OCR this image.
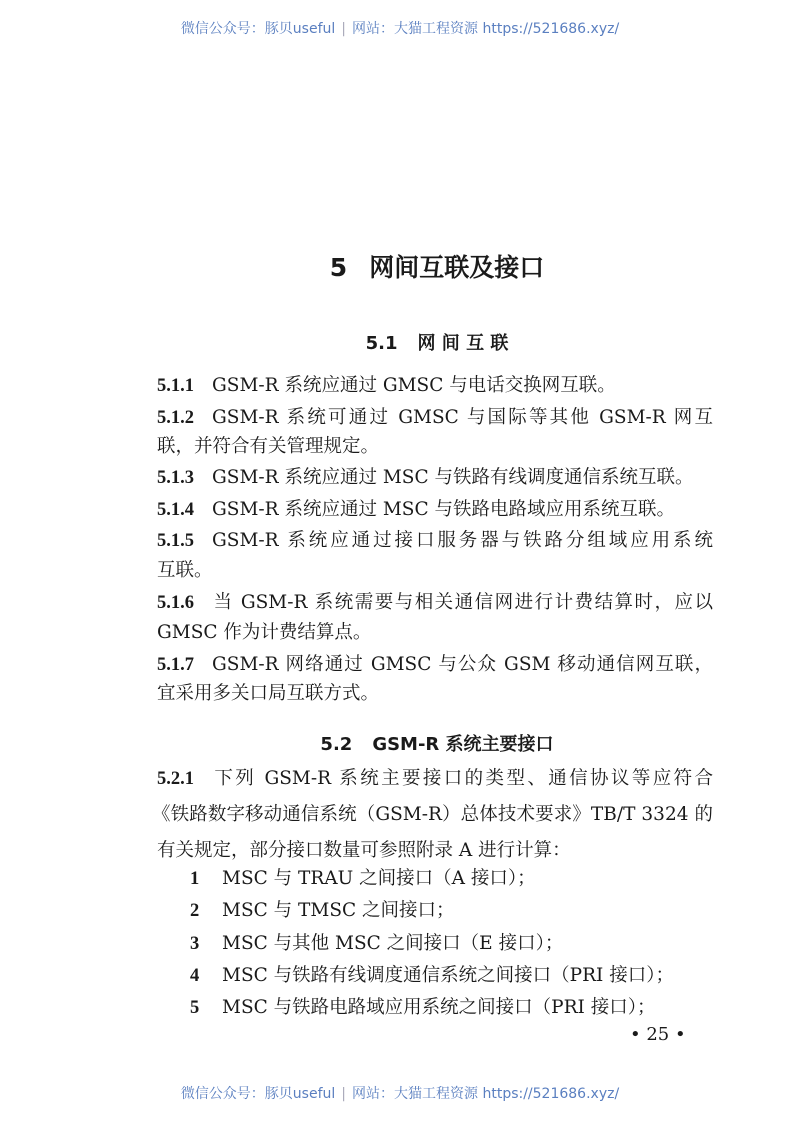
微信公众号：豚贝useful | 网站：大猫工程资源 https://521686.xyz/
5 网间互联及接口
5.1 网 间 互 联
5.1.1 GSM-R 系统应通过 GMSC 与电话交换网互联。
5.1.2 GSM-R 系统可通过 GMSC 与国际等其他 GSM-R 网互
联，并符合有关管理规定。
5.1.3 GSM-R 系统应通过 MSC 与铁路有线调度通信系统互联。
5.1.4 GSM-R 系统应通过 MSC 与铁路电路域应用系统互联。
5.1.5 GSM-R 系统应通过接口服务器与铁路分组域应用系统
互联。
5.1.6 当 GSM-R 系统需要与相关通信网进行计费结算时，应以
GMSC 作为计费结算点。
5.1.7 GSM-R 网络通过 GMSC 与公众 GSM 移动通信网互联，
宜采用多关口局互联方式。
5.2 GSM-R 系统主要接口
5.2.1 下列 GSM-R 系统主要接口的类型、通信协议等应符合
《铁路数字移动通信系统（GSM-R）总体技术要求》TB/T 3324 的
有关规定，部分接口数量可参照附录 A 进行计算：
1 MSC 与 TRAU 之间接口（A 接口）；
2 MSC 与 TMSC 之间接口；
3 MSC 与其他 MSC 之间接口（E 接口）；
4 MSC 与铁路有线调度通信系统之间接口（PRI 接口）；
5 MSC 与铁路电路域应用系统之间接口（PRI 接口）；
• 25 •
微信公众号：豚贝useful | 网站：大猫工程资源 https://521686.xyz/
